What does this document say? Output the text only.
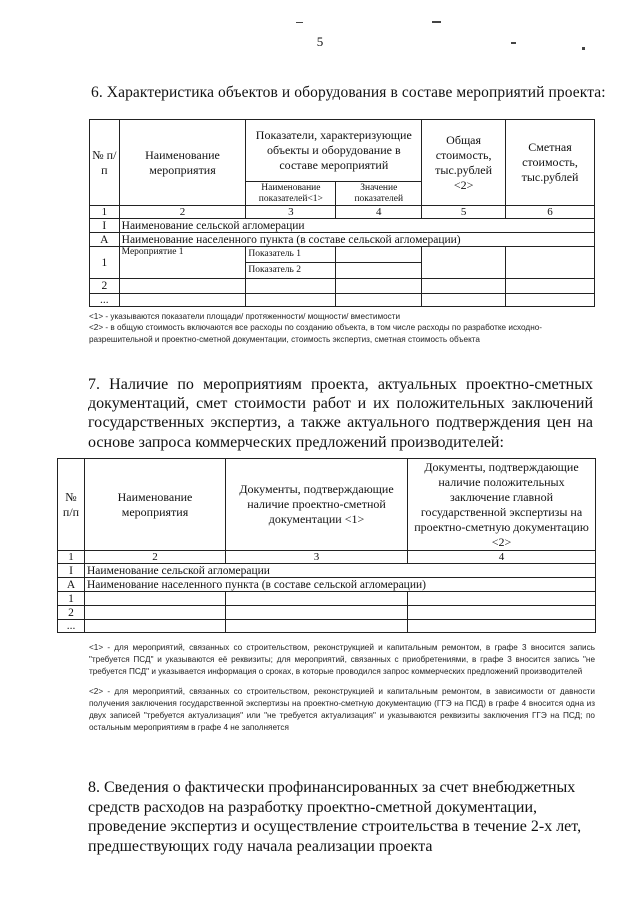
5
6. Характеристика объектов и оборудования в составе мероприятий проекта:
№ п/п	Наименование мероприятия	Показатели, характеризующие объекты и оборудование в составе мероприятий		Общая стоимость, тыс.рублей <2>	Сметная стоимость, тыс.рублей
		Наименование показателей<1>	Значение показателей		
1	2	3	4	5	6
I	Наименование сельской агломерации				
А	Наименование населенного пункта (в составе сельской агломерации)				
1	Мероприятие 1	Показатель 1			
		Показатель 2			
2					
...					
<1> - указываются показатели площади/ протяженности/ мощности/ вместимости
<2> - в общую стоимость включаются все расходы по созданию объекта, в том числе расходы по разработке исходно-разрешительной и проектно-сметной документации, стоимость экспертиз, сметная стоимость объекта
7. Наличие по мероприятиям проекта, актуальных проектно-сметных документаций, смет стоимости работ и их положительных заключений государственных экспертиз, а также актуального подтверждения цен на основе запроса коммерческих предложений производителей:
№ п/п	Наименование мероприятия	Документы, подтверждающие наличие проектно-сметной документации <1>	Документы, подтверждающие наличие положительных заключение главной государственной экспертизы на проектно-сметную документацию <2>
1	2	3	4
I	Наименование сельской агломерации		
А	Наименование населенного пункта (в составе сельской агломерации)		
1			
2			
...			
<1> - для мероприятий, связанных со строительством, реконструкцией и капитальным ремонтом, в графе 3 вносится запись "требуется ПСД" и указываются её реквизиты; для мероприятий, связанных с приобретениями, в графе 3 вносится запись "не требуется ПСД" и указывается информация о сроках, в которые проводился запрос коммерческих предложений производителей
<2> - для мероприятий, связанных со строительством, реконструкцией и капитальным ремонтом, в зависимости от давности получения заключения государственной экспертизы на проектно-сметную документацию (ГГЭ на ПСД) в графе 4 вносится одна из двух записей "требуется актуализация" или "не требуется актуализация" и указываются реквизиты заключения ГГЭ на ПСД; по остальным мероприятиям в графе 4 не заполняется
8. Сведения о фактически профинансированных за счет внебюджетных средств расходов на разработку проектно-сметной документации, проведение экспертиз и осуществление строительства в течение 2-х лет, предшествующих году начала реализации проекта
